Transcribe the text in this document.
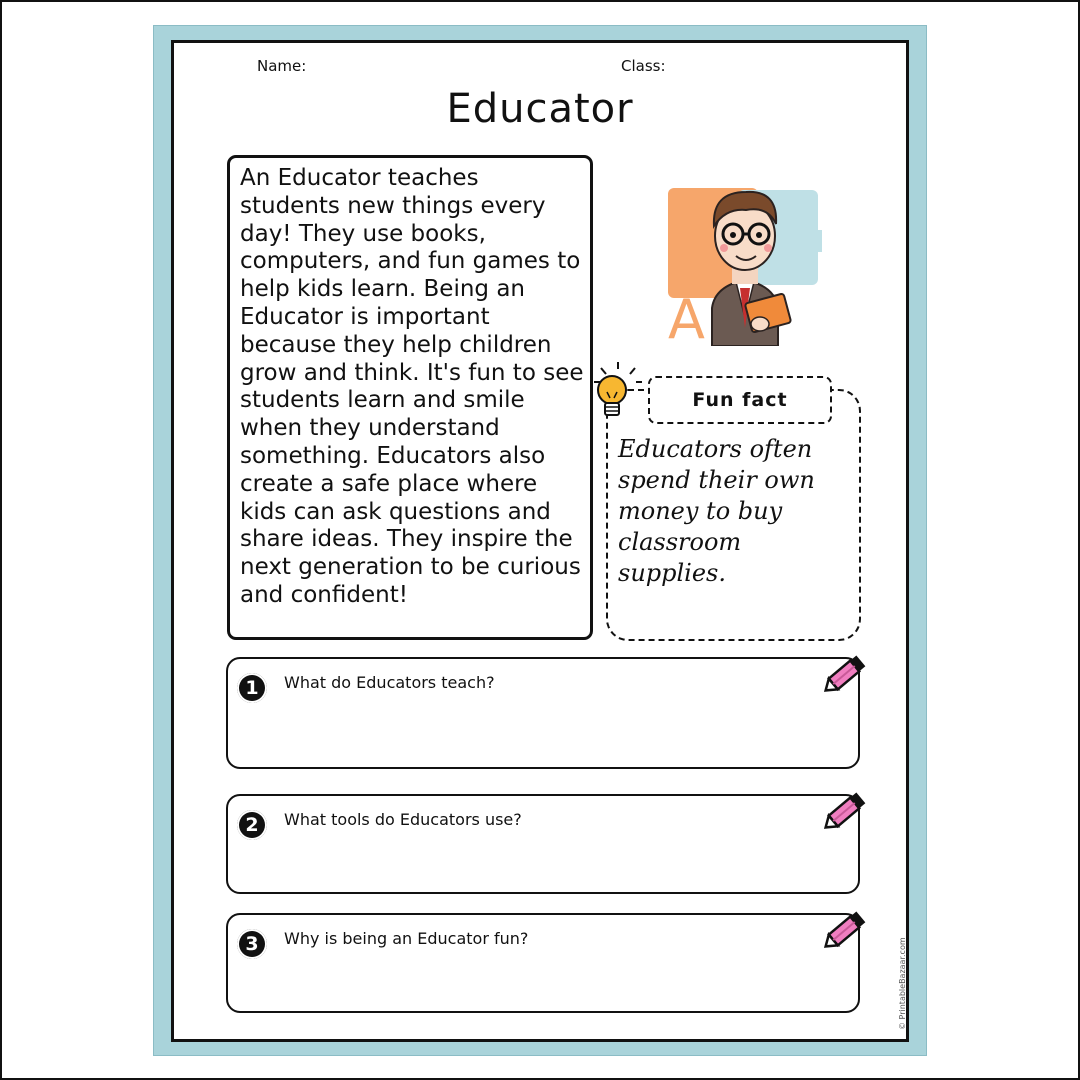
Name:	Class:
Educator

An Educator teaches students new things every day! They use books, computers, and fun games to help kids learn. Being an Educator is important because they help children grow and think. It's fun to see students learn and smile when they understand something. Educators also create a safe place where kids can ask questions and share ideas. They inspire the next generation to be curious and confident!

A
Fun fact

Educators often spend their own money to buy classroom supplies.

1	What do Educators teach?
2	What tools do Educators use?
3	Why is being an Educator fun?	© PrintableBazaar.com
